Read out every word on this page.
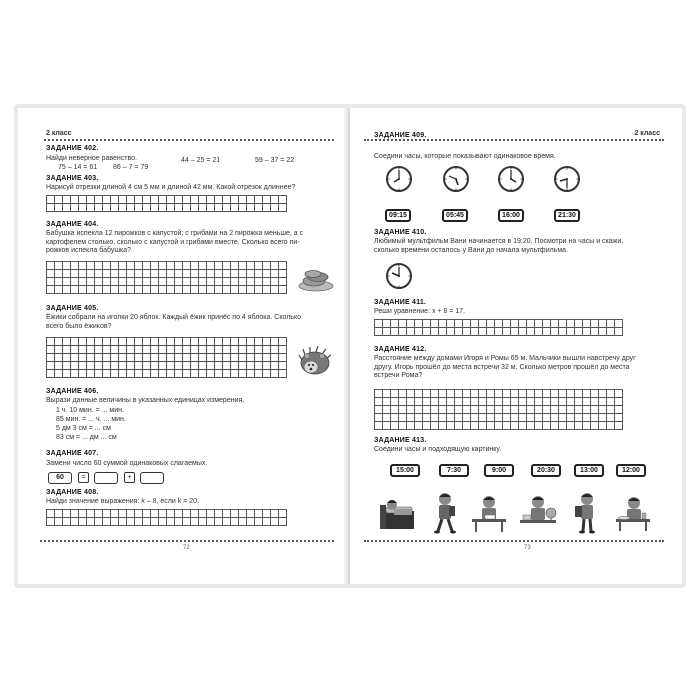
2 класс
ЗАДАНИЕ 402.
Найди неверное равенство.
75 – 14 = 61 86 – 7 = 79
44 – 25 = 21	59 – 37 = 22
ЗАДАНИЕ 403.
Нарисуй отрезки длиной 4 см 5 мм и длиной 42 мм. Какой отрезок длиннее?
ЗАДАНИЕ 404.
Бабушка испекла 12 пирожков с капустой; с грибами на 2 пирожка меньше, а с
картофелем столько, сколько с капустой и грибами вместе. Сколько всего пи-
рожков испекла бабушка?
ЗАДАНИЕ 405.
Ёжики собрали на иголки 20 яблок. Каждый ёжик принёс по 4 яблока. Сколько
всего было ёжиков?
ЗАДАНИЕ 406.
Вырази данные величины в указанных единицах измерения.
1 ч. 10 мин. = ... мин.
85 мин. = ... ч. ... мин.
5 дм 3 см = ... см
83 см = ... дм ... см
ЗАДАНИЕ 407.
Замени число 60 суммой одинаковых слагаемых.
60	=	+
ЗАДАНИЕ 408.
Найди значение выражения: k – 8, если k = 20.
72
2 класс
ЗАДАНИЕ 409.
Соедини часы, которые показывают одинаковое время.
09:15	05:45	16:00	21:30
ЗАДАНИЕ 410.
Любимый мультфильм Вани начинается в 19:20. Посмотри на часы и скажи,
сколько времени осталось у Вани до начала мультфильма.
ЗАДАНИЕ 411.
Реши уравнение: x + 8 = 17.
ЗАДАНИЕ 412.
Расстояние между домами Игоря и Ромы 65 м. Мальчики вышли навстречу друг
другу. Игорь прошёл до места встречи 32 м. Сколько метров прошёл до места
встречи Рома?
ЗАДАНИЕ 413.
Соедини часы и подходящую картинку.
15:00	7:30	9:00	20:30	13:00	12:00
73
